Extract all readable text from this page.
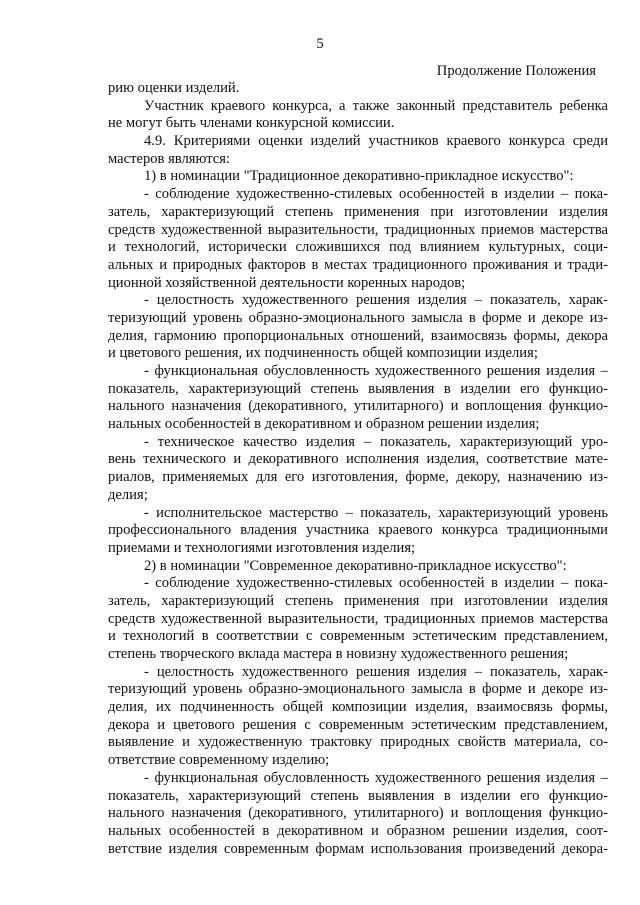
5
Продолжение Положения
рию оценки изделий.
Участник краевого конкурса, а также законный представитель ребенка
не могут быть членами конкурсной комиссии.
4.9. Критериями оценки изделий участников краевого конкурса среди
мастеров являются:
1) в номинации "Традиционное декоративно-прикладное искусство":
- соблюдение художественно-стилевых особенностей в изделии – пока-
затель, характеризующий степень применения при изготовлении изделия
средств художественной выразительности, традиционных приемов мастерства
и технологий, исторически сложившихся под влиянием культурных, соци-
альных и природных факторов в местах традиционного проживания и тради-
ционной хозяйственной деятельности коренных народов;
- целостность художественного решения изделия – показатель, харак-
теризующий уровень образно-эмоционального замысла в форме и декоре из-
делия, гармонию пропорциональных отношений, взаимосвязь формы, декора
и цветового решения, их подчиненность общей композиции изделия;
- функциональная обусловленность художественного решения изделия –
показатель, характеризующий степень выявления в изделии его функцио-
нального назначения (декоративного, утилитарного) и воплощения функцио-
нальных особенностей в декоративном и образном решении изделия;
- техническое качество изделия – показатель, характеризующий уро-
вень технического и декоративного исполнения изделия, соответствие мате-
риалов, применяемых для его изготовления, форме, декору, назначению из-
делия;
- исполнительское мастерство – показатель, характеризующий уровень
профессионального владения участника краевого конкурса традиционными
приемами и технологиями изготовления изделия;
2) в номинации "Современное декоративно-прикладное искусство":
- соблюдение художественно-стилевых особенностей в изделии – пока-
затель, характеризующий степень применения при изготовлении изделия
средств художественной выразительности, традиционных приемов мастерства
и технологий в соответствии с современным эстетическим представлением,
степень творческого вклада мастера в новизну художественного решения;
- целостность художественного решения изделия – показатель, харак-
теризующий уровень образно-эмоционального замысла в форме и декоре из-
делия, их подчиненность общей композиции изделия, взаимосвязь формы,
декора и цветового решения с современным эстетическим представлением,
выявление и художественную трактовку природных свойств материала, со-
ответствие современному изделию;
- функциональная обусловленность художественного решения изделия –
показатель, характеризующий степень выявления в изделии его функцио-
нального назначения (декоративного, утилитарного) и воплощения функцио-
нальных особенностей в декоративном и образном решении изделия, соот-
ветствие изделия современным формам использования произведений декора-
